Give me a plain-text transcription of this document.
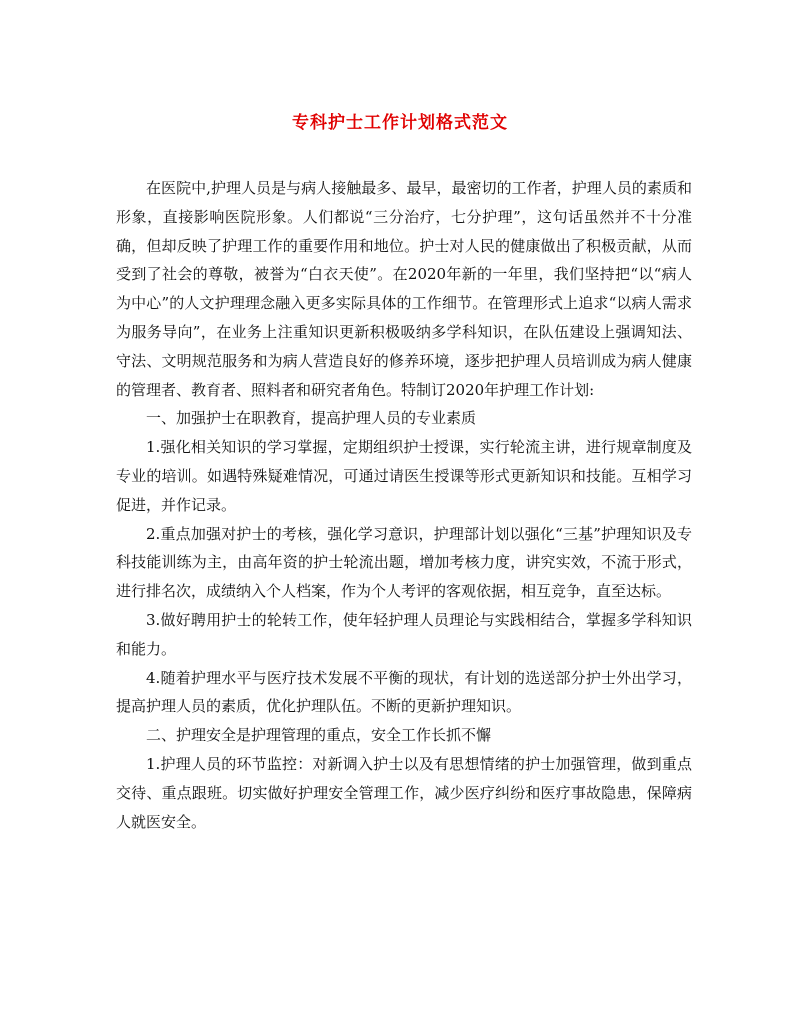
专科护士工作计划格式范文

在医院中,护理人员是与病人接触最多、最早，最密切的工作者，护理人员的素质和形象，直接影响医院形象。人们都说“三分治疗，七分护理”，这句话虽然并不十分准确，但却反映了护理工作的重要作用和地位。护士对人民的健康做出了积极贡献，从而受到了社会的尊敬，被誉为“白衣天使”。在2020年新的一年里，我们坚持把“以“病人为中心”的人文护理理念融入更多实际具体的工作细节。在管理形式上追求“以病人需求为服务导向”，在业务上注重知识更新积极吸纳多学科知识，在队伍建设上强调知法、守法、文明规范服务和为病人营造良好的修养环境，逐步把护理人员培训成为病人健康的管理者、教育者、照料者和研究者角色。特制订2020年护理工作计划:

一、加强护士在职教育，提高护理人员的专业素质

1.强化相关知识的学习掌握，定期组织护士授课，实行轮流主讲，进行规章制度及专业的培训。如遇特殊疑难情况，可通过请医生授课等形式更新知识和技能。互相学习促进，并作记录。

2.重点加强对护士的考核，强化学习意识，护理部计划以强化“三基”护理知识及专科技能训练为主，由高年资的护士轮流出题，增加考核力度，讲究实效，不流于形式，进行排名次，成绩纳入个人档案，作为个人考评的客观依据，相互竞争，直至达标。

3.做好聘用护士的轮转工作，使年轻护理人员理论与实践相结合，掌握多学科知识和能力。

4.随着护理水平与医疗技术发展不平衡的现状，有计划的选送部分护士外出学习，提高护理人员的素质，优化护理队伍。不断的更新护理知识。

二、护理安全是护理管理的重点，安全工作长抓不懈

1.护理人员的环节监控：对新调入护士以及有思想情绪的护士加强管理，做到重点交待、重点跟班。切实做好护理安全管理工作，减少医疗纠纷和医疗事故隐患，保障病人就医安全。
